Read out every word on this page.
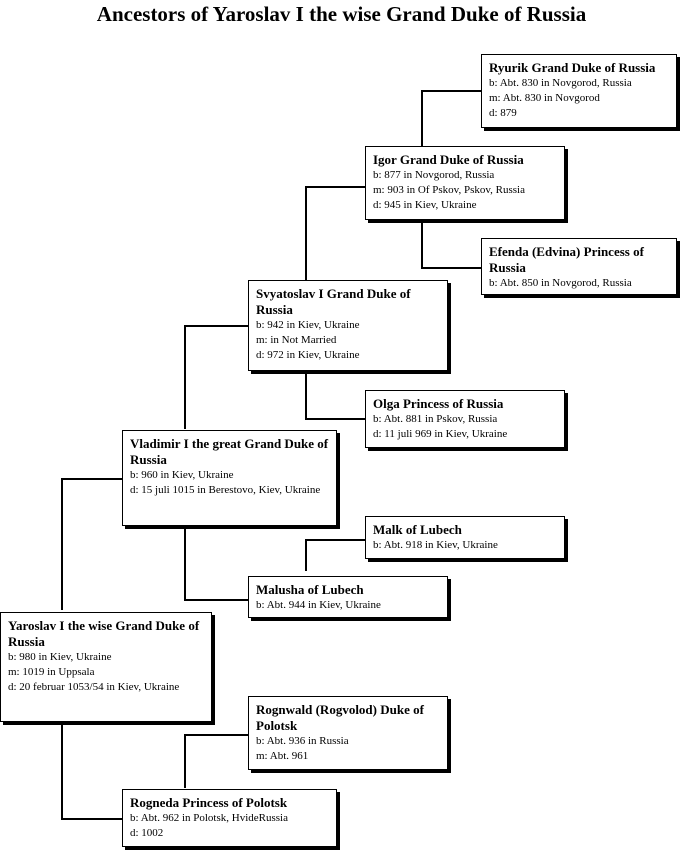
Ancestors of Yaroslav I the wise Grand Duke of Russia
Ryurik Grand Duke of Russia
b: Abt. 830 in Novgorod, Russia
m: Abt. 830 in Novgorod
d: 879
Igor Grand Duke of Russia
b: 877 in Novgorod, Russia
m: 903 in Of Pskov, Pskov, Russia
d: 945 in Kiev, Ukraine
Efenda (Edvina) Princess of Russia
b: Abt. 850 in Novgorod, Russia
Svyatoslav I Grand Duke of Russia
b: 942 in Kiev, Ukraine
m: in Not Married
d: 972 in Kiev, Ukraine
Olga Princess of Russia
b: Abt. 881 in Pskov, Russia
d: 11 juli 969 in Kiev, Ukraine
Vladimir I the great Grand Duke of Russia
b: 960 in Kiev, Ukraine
d: 15 juli 1015 in Berestovo, Kiev, Ukraine
Malk of Lubech
b: Abt. 918 in Kiev, Ukraine
Malusha of Lubech
b: Abt. 944 in Kiev, Ukraine
Yaroslav I the wise Grand Duke of Russia
b: 980 in Kiev, Ukraine
m: 1019 in Uppsala
d: 20 februar 1053/54 in Kiev, Ukraine
Rognwald (Rogvolod) Duke of Polotsk
b: Abt. 936 in Russia
m: Abt. 961
Rogneda Princess of Polotsk
b: Abt. 962 in Polotsk, HvideRussia
d: 1002
